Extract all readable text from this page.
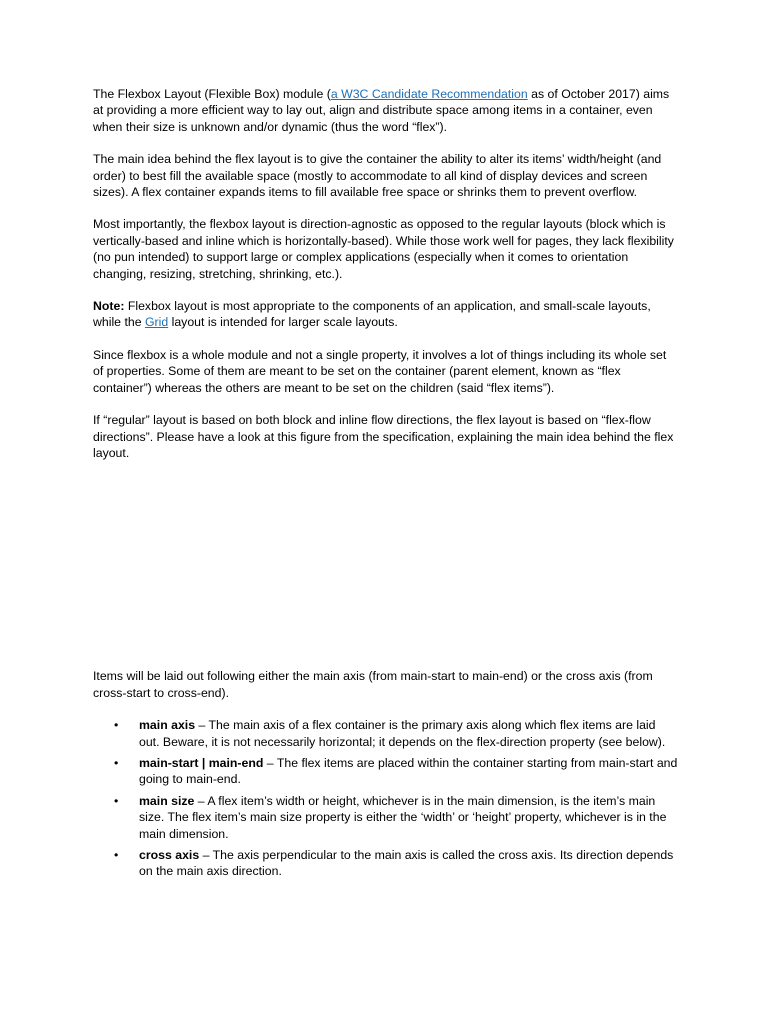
The Flexbox Layout (Flexible Box) module (a W3C Candidate Recommendation as of October 2017) aims at providing a more efficient way to lay out, align and distribute space among items in a container, even when their size is unknown and/or dynamic (thus the word “flex”).

The main idea behind the flex layout is to give the container the ability to alter its items’ width/height (and order) to best fill the available space (mostly to accommodate to all kind of display devices and screen sizes). A flex container expands items to fill available free space or shrinks them to prevent overflow.

Most importantly, the flexbox layout is direction-agnostic as opposed to the regular layouts (block which is vertically-based and inline which is horizontally-based). While those work well for pages, they lack flexibility (no pun intended) to support large or complex applications (especially when it comes to orientation changing, resizing, stretching, shrinking, etc.).

Note: Flexbox layout is most appropriate to the components of an application, and small-scale layouts, while the Grid layout is intended for larger scale layouts.

Since flexbox is a whole module and not a single property, it involves a lot of things including its whole set of properties. Some of them are meant to be set on the container (parent element, known as “flex container”) whereas the others are meant to be set on the children (said “flex items”).

If “regular” layout is based on both block and inline flow directions, the flex layout is based on “flex-flow directions”. Please have a look at this figure from the specification, explaining the main idea behind the flex layout.

Items will be laid out following either the main axis (from main-start to main-end) or the cross axis (from cross-start to cross-end).

• main axis – The main axis of a flex container is the primary axis along which flex items are laid out. Beware, it is not necessarily horizontal; it depends on the flex-direction property (see below).
• main-start | main-end – The flex items are placed within the container starting from main-start and going to main-end.
• main size – A flex item’s width or height, whichever is in the main dimension, is the item’s main size. The flex item’s main size property is either the ‘width’ or ‘height’ property, whichever is in the main dimension.
• cross axis – The axis perpendicular to the main axis is called the cross axis. Its direction depends on the main axis direction.
